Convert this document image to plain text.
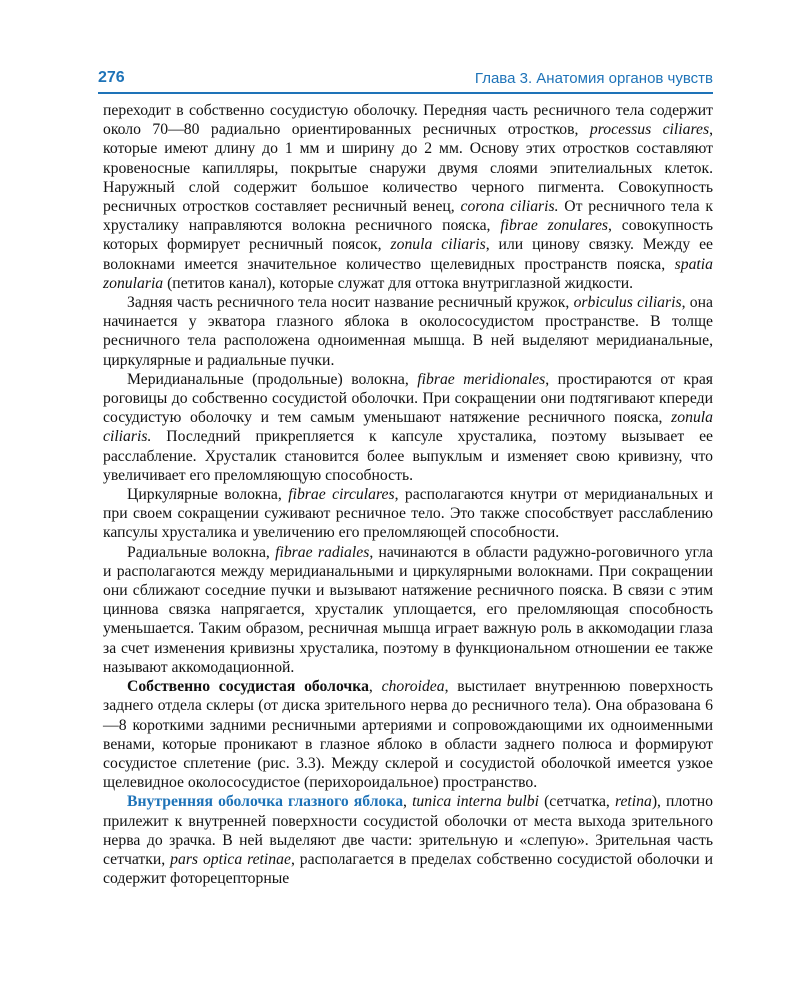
276	Глава 3. Анатомия органов чувств

переходит в собственно сосудистую оболочку. Передняя часть ресничного тела содержит около 70—80 радиально ориентированных ресничных отростков, processus ciliares, которые имеют длину до 1 мм и ширину до 2 мм. Основу этих отростков составляют кровеносные капилляры, покрытые снаружи двумя слоями эпителиальных клеток. Наружный слой содержит большое количество черного пигмента. Совокупность ресничных отростков составляет ресничный венец, corona ciliaris. От ресничного тела к хрусталику направляются волокна ресничного пояска, fibrae zonulares, совокупность которых формирует ресничный поясок, zonula ciliaris, или цинову связку. Между ее волокнами имеется значительное количество щелевидных пространств пояска, spatia zonularia (петитов канал), которые служат для оттока внутриглазной жидкости.

Задняя часть ресничного тела носит название ресничный кружок, orbiculus ciliaris, она начинается у экватора глазного яблока в околососудистом пространстве. В толще ресничного тела расположена одноименная мышца. В ней выделяют меридианальные, циркулярные и радиальные пучки.

Меридианальные (продольные) волокна, fibrae meridionales, простираются от края роговицы до собственно сосудистой оболочки. При сокращении они подтягивают кпереди сосудистую оболочку и тем самым уменьшают натяжение ресничного пояска, zonula ciliaris. Последний прикрепляется к капсуле хрусталика, поэтому вызывает ее расслабление. Хрусталик становится более выпуклым и изменяет свою кривизну, что увеличивает его преломляющую способность.

Циркулярные волокна, fibrae circulares, располагаются кнутри от меридианальных и при своем сокращении суживают ресничное тело. Это также способствует расслаблению капсулы хрусталика и увеличению его преломляющей способности.

Радиальные волокна, fibrae radiales, начинаются в области радужно-роговичного угла и располагаются между меридианальными и циркулярными волокнами. При сокращении они сближают соседние пучки и вызывают натяжение ресничного пояска. В связи с этим циннова связка напрягается, хрусталик уплощается, его преломляющая способность уменьшается. Таким образом, ресничная мышца играет важную роль в аккомодации глаза за счет изменения кривизны хрусталика, поэтому в функциональном отношении ее также называют аккомодационной.

Собственно сосудистая оболочка, choroidea, выстилает внутреннюю поверхность заднего отдела склеры (от диска зрительного нерва до ресничного тела). Она образована 6—8 короткими задними ресничными артериями и сопровождающими их одноименными венами, которые проникают в глазное яблоко в области заднего полюса и формируют сосудистое сплетение (рис. 3.3). Между склерой и сосудистой оболочкой имеется узкое щелевидное околососудистое (перихороидальное) пространство.

Внутренняя оболочка глазного яблока, tunica interna bulbi (сетчатка, retina), плотно прилежит к внутренней поверхности сосудистой оболочки от места выхода зрительного нерва до зрачка. В ней выделяют две части: зрительную и «слепую». Зрительная часть сетчатки, pars optica retinae, располагается в пределах собственно сосудистой оболочки и содержит фоторецепторные
